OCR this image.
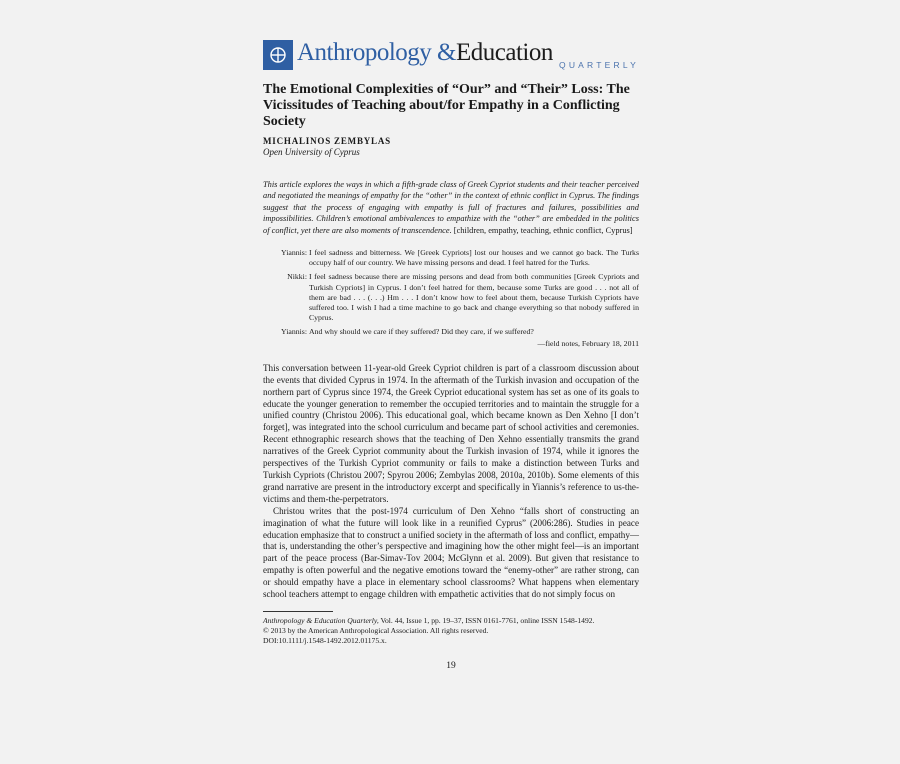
Anthropology &Education QUARTERLY
The Emotional Complexities of “Our” and “Their” Loss: The Vicissitudes of Teaching about/for Empathy in a Conflicting Society
MICHALINOS ZEMBYLAS
Open University of Cyprus
This article explores the ways in which a fifth-grade class of Greek Cypriot students and their teacher perceived and negotiated the meanings of empathy for the “other” in the context of ethnic conflict in Cyprus. The findings suggest that the process of engaging with empathy is full of fractures and failures, possibilities and impossibilities. Children’s emotional ambivalences to empathize with the “other” are embedded in the politics of conflict, yet there are also moments of transcendence. [children, empathy, teaching, ethnic conflict, Cyprus]
Yiannis:
I feel sadness and bitterness. We [Greek Cypriots] lost our houses and we cannot go back. The Turks occupy half of our country. We have missing persons and dead. I feel hatred for the Turks.
Nikki:
I feel sadness because there are missing persons and dead from both communities [Greek Cypriots and Turkish Cypriots] in Cyprus. I don’t feel hatred for them, because some Turks are good . . . not all of them are bad . . . (. . .) Hm . . . I don’t know how to feel about them, because Turkish Cypriots have suffered too. I wish I had a time machine to go back and change everything so that nobody suffered in Cyprus.
Yiannis:
And why should we care if they suffered? Did they care, if we suffered?
—field notes, February 18, 2011

This conversation between 11-year-old Greek Cypriot children is part of a classroom discussion about the events that divided Cyprus in 1974. In the aftermath of the Turkish invasion and occupation of the northern part of Cyprus since 1974, the Greek Cypriot educational system has set as one of its goals to educate the younger generation to remember the occupied territories and to maintain the struggle for a unified country (Christou 2006). This educational goal, which became known as Den Xehno [I don’t forget], was integrated into the school curriculum and became part of school activities and ceremonies. Recent ethnographic research shows that the teaching of Den Xehno essentially transmits the grand narratives of the Greek Cypriot community about the Turkish invasion of 1974, while it ignores the perspectives of the Turkish Cypriot community or fails to make a distinction between Turks and Turkish Cypriots (Christou 2007; Spyrou 2006; Zembylas 2008, 2010a, 2010b). Some elements of this grand narrative are present in the introductory excerpt and specifically in Yiannis’s reference to us-the-victims and them-the-perpetrators.

Christou writes that the post-1974 curriculum of Den Xehno “falls short of constructing an imagination of what the future will look like in a reunified Cyprus” (2006:286). Studies in peace education emphasize that to construct a unified society in the aftermath of loss and conflict, empathy—that is, understanding the other’s perspective and imagining how the other might feel—is an important part of the peace process (Bar-Simav-Tov 2004; McGlynn et al. 2009). But given that resistance to empathy is often powerful and the negative emotions toward the “enemy-other” are rather strong, can or should empathy have a place in elementary school classrooms? What happens when elementary school teachers attempt to engage children with empathetic activities that do not simply focus on

Anthropology & Education Quarterly, Vol. 44, Issue 1, pp. 19–37, ISSN 0161-7761, online ISSN 1548-1492.
© 2013 by the American Anthropological Association. All rights reserved.
DOI:10.1111/j.1548-1492.2012.01175.x.
19
